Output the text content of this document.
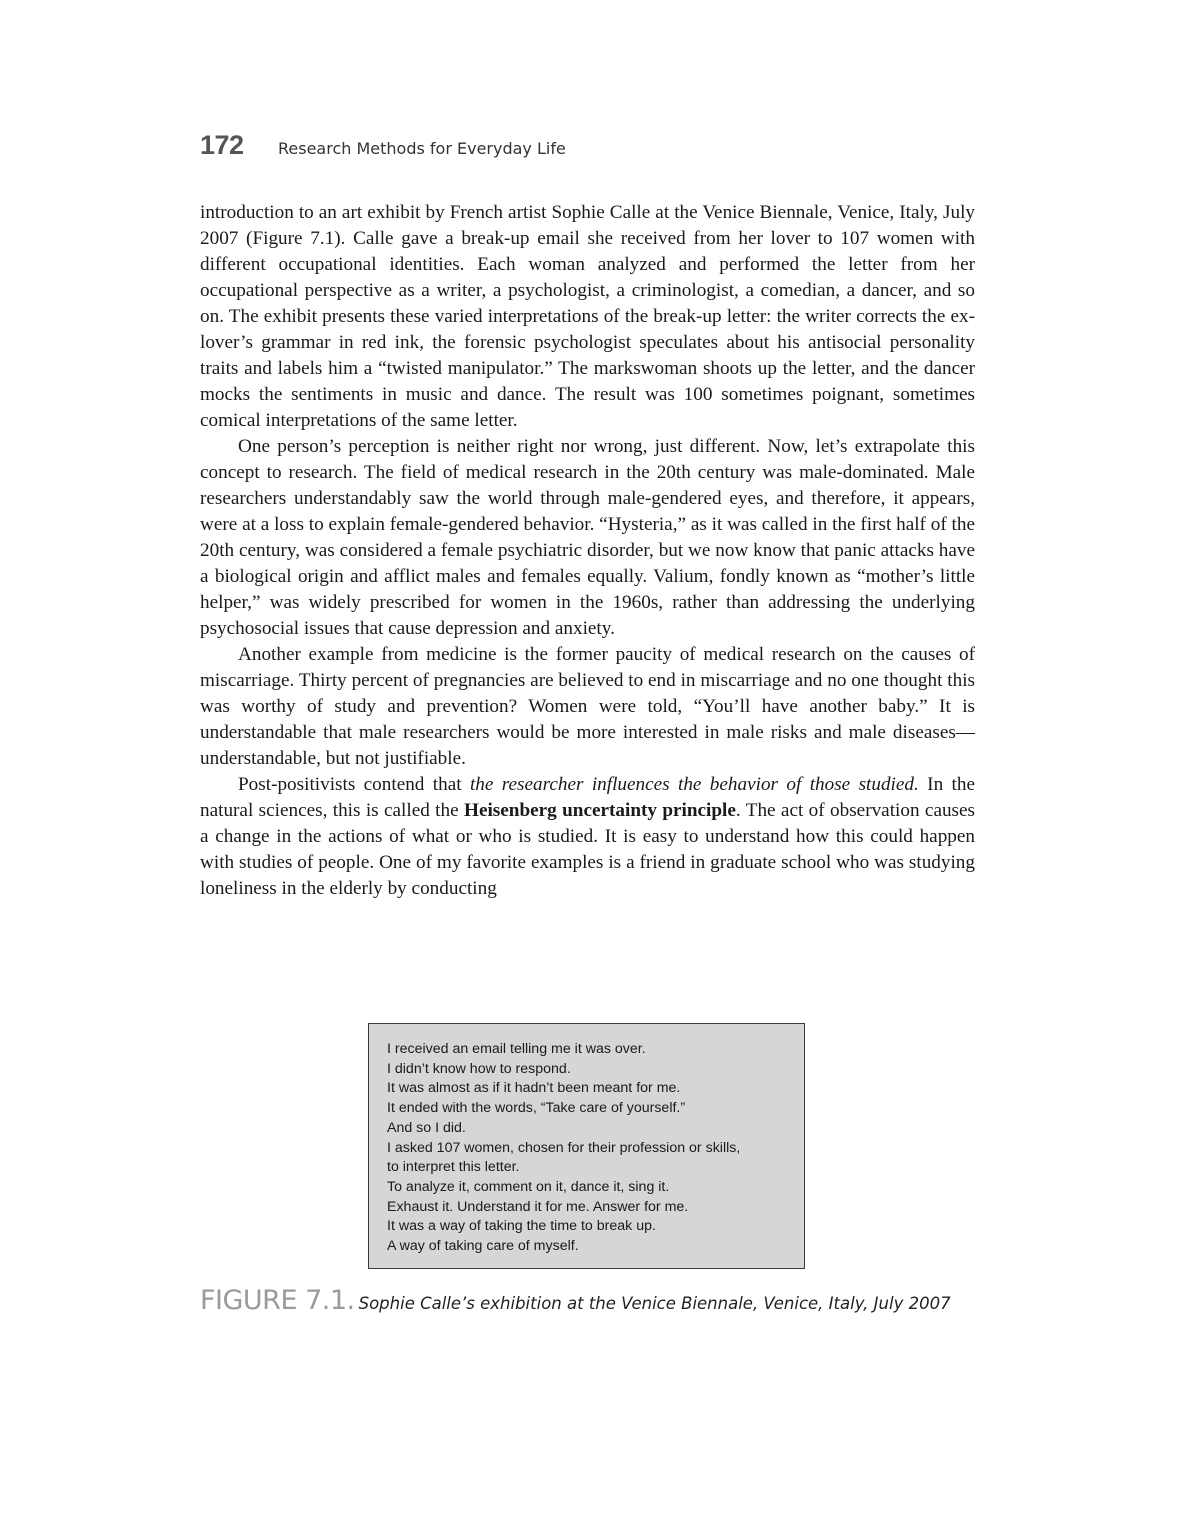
172 Research Methods for Everyday Life

introduction to an art exhibit by French artist Sophie Calle at the Venice Biennale, Venice, Italy, July 2007 (Figure 7.1). Calle gave a break-up email she received from her lover to 107 women with different occupational identities. Each woman analyzed and performed the letter from her occupational perspective as a writer, a psychologist, a criminologist, a comedian, a dancer, and so on. The exhibit presents these varied interpretations of the break-up letter: the writer corrects the ex-lover’s grammar in red ink, the forensic psychologist speculates about his antisocial personality traits and labels him a “twisted manipulator.” The markswoman shoots up the letter, and the dancer mocks the sentiments in music and dance. The result was 100 sometimes poignant, sometimes comical interpretations of the same letter.

One person’s perception is neither right nor wrong, just different. Now, let’s extrapolate this concept to research. The field of medical research in the 20th century was male-dominated. Male researchers understandably saw the world through male-gendered eyes, and therefore, it appears, were at a loss to explain female-gendered behavior. “Hysteria,” as it was called in the first half of the 20th century, was considered a female psychiatric disorder, but we now know that panic attacks have a biological origin and afflict males and females equally. Valium, fondly known as “mother’s little helper,” was widely prescribed for women in the 1960s, rather than addressing the underlying psychosocial issues that cause depression and anxiety.

Another example from medicine is the former paucity of medical research on the causes of miscarriage. Thirty percent of pregnancies are believed to end in miscarriage and no one thought this was worthy of study and prevention? Women were told, “You’ll have another baby.” It is understandable that male researchers would be more interested in male risks and male diseases—understandable, but not justifiable.

Post-positivists contend that the researcher influences the behavior of those studied. In the natural sciences, this is called the Heisenberg uncertainty principle. The act of observation causes a change in the actions of what or who is studied. It is easy to understand how this could happen with studies of people. One of my favorite examples is a friend in graduate school who was studying loneliness in the elderly by conducting

I received an email telling me it was over.
I didn’t know how to respond.
It was almost as if it hadn’t been meant for me.
It ended with the words, “Take care of yourself.”
And so I did.
I asked 107 women, chosen for their profession or skills,
to interpret this letter.
To analyze it, comment on it, dance it, sing it.
Exhaust it. Understand it for me. Answer for me.
It was a way of taking the time to break up.
A way of taking care of myself.
FIGURE 7.1. Sophie Calle’s exhibition at the Venice Biennale, Venice, Italy, July 2007
